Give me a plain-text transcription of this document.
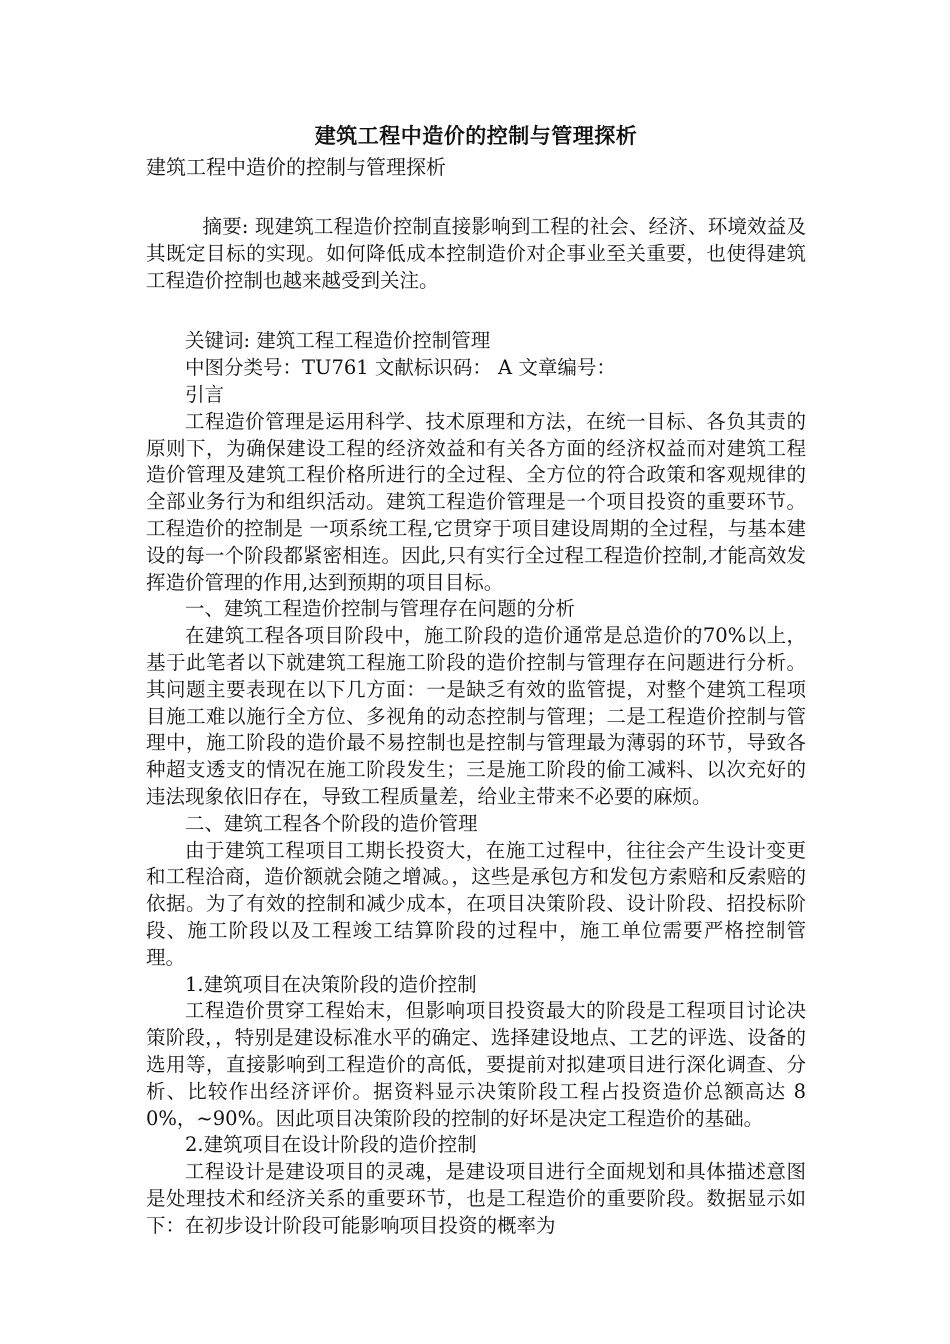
建筑工程中造价的控制与管理探析

建筑工程中造价的控制与管理探析

摘要: 现建筑工程造价控制直接影响到工程的社会、经济、环境效益及其既定目标的实现。如何降低成本控制造价对企事业至关重要，也使得建筑工程造价控制也越来越受到关注。

关键词: 建筑工程工程造价控制管理

中图分类号：TU761 文献标识码： A 文章编号：

引言

工程造价管理是运用科学、技术原理和方法，在统一目标、各负其责的原则下，为确保建设工程的经济效益和有关各方面的经济权益而对建筑工程造价管理及建筑工程价格所进行的全过程、全方位的符合政策和客观规律的全部业务行为和组织活动。建筑工程造价管理是一个项目投资的重要环节。工程造价的控制是 一项系统工程,它贯穿于项目建设周期的全过程，与基本建设的每一个阶段都紧密相连。因此,只有实行全过程工程造价控制,才能高效发挥造价管理的作用,达到预期的项目目标。

一、建筑工程造价控制与管理存在问题的分析

在建筑工程各项目阶段中，施工阶段的造价通常是总造价的70%以上，基于此笔者以下就建筑工程施工阶段的造价控制与管理存在问题进行分析。其问题主要表现在以下几方面：一是缺乏有效的监管提，对整个建筑工程项目施工难以施行全方位、多视角的动态控制与管理；二是工程造价控制与管理中，施工阶段的造价最不易控制也是控制与管理最为薄弱的环节，导致各种超支透支的情况在施工阶段发生；三是施工阶段的偷工减料、以次充好的违法现象依旧存在，导致工程质量差，给业主带来不必要的麻烦。

二、建筑工程各个阶段的造价管理

由于建筑工程项目工期长投资大，在施工过程中，往往会产生设计变更和工程洽商，造价额就会随之增减。，这些是承包方和发包方索赔和反索赔的依据。为了有效的控制和减少成本，在项目决策阶段、设计阶段、招投标阶段、施工阶段以及工程竣工结算阶段的过程中，施工单位需要严格控制管理。

1.建筑项目在决策阶段的造价控制

工程造价贯穿工程始末，但影响项目投资最大的阶段是工程项目讨论决策阶段，，特别是建设标准水平的确定、选择建设地点、工艺的评选、设备的选用等，直接影响到工程造价的高低，要提前对拟建项目进行深化调查、分析、比较作出经济评价。据资料显示决策阶段工程占投资造价总额高达 80%，~90%。因此项目决策阶段的控制的好坏是决定工程造价的基础。

2.建筑项目在设计阶段的造价控制

工程设计是建设项目的灵魂，是建设项目进行全面规划和具体描述意图是处理技术和经济关系的重要环节，也是工程造价的重要阶段。数据显示如下：在初步设计阶段可能影响项目投资的概率为
